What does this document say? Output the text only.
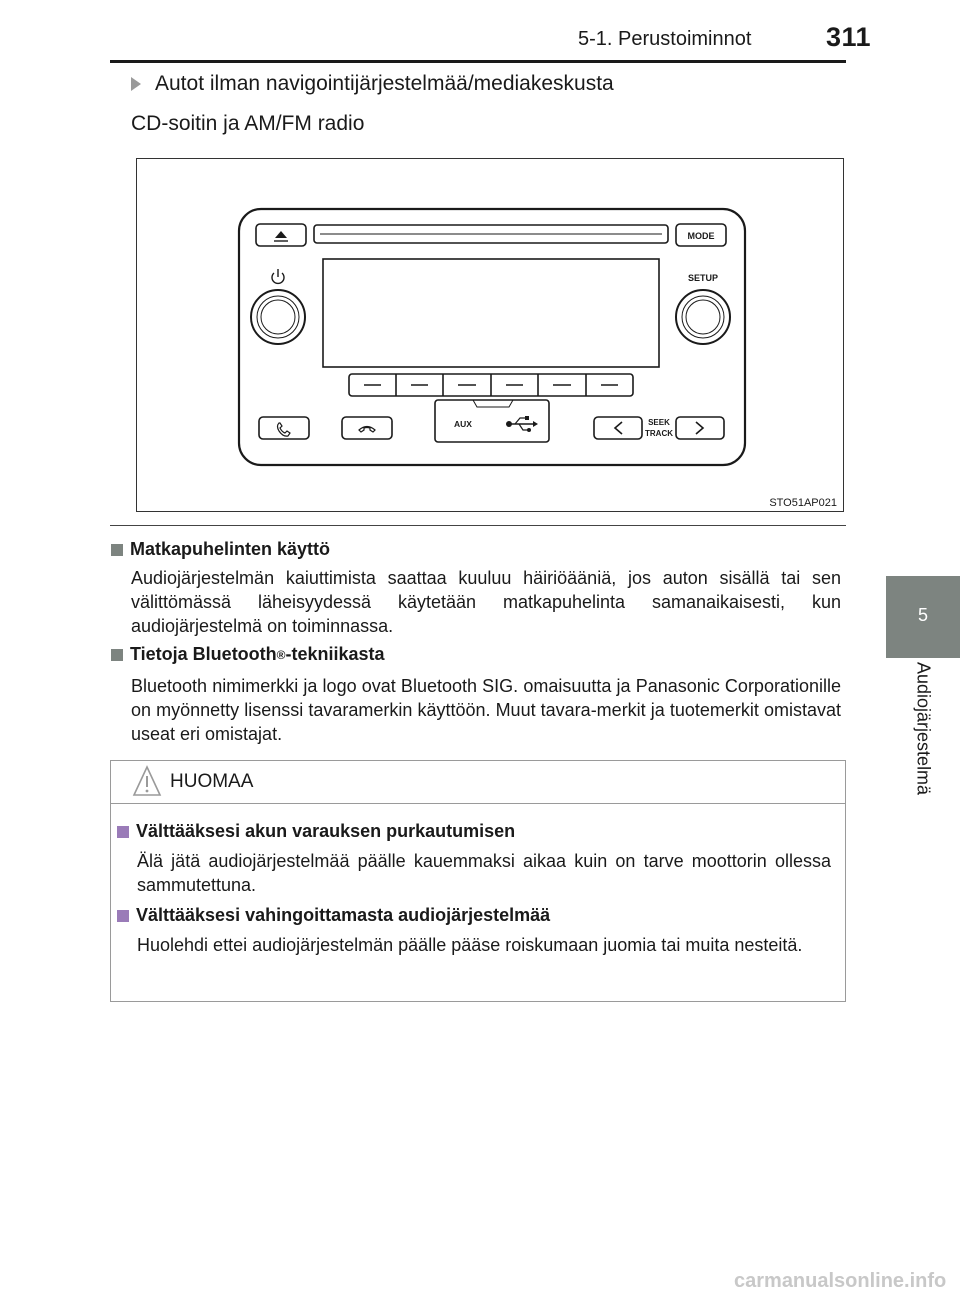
5-1. Perustoiminnot	311
5
Audiojärjestelmä
Autot ilman navigointijärjestelmää/mediakeskusta
CD-soitin ja AM/FM radio
MODE
SETUP
AUX	SEEK
TRACK
STO51AP021
Matkapuhelinten käyttö
Audiojärjestelmän kaiuttimista saattaa kuuluu häiriöääniä, jos auton sisällä tai sen välittömässä läheisyydessä käytetään matkapuhelinta samanaikaisesti, kun audiojärjestelmä on toiminnassa.
Tietoja Bluetooth ® -tekniikasta
Bluetooth nimimerkki ja logo ovat Bluetooth SIG. omaisuutta ja Panasonic Corporationille on myönnetty lisenssi tavaramerkin käyttöön. Muut tavara-merkit ja tuotemerkit omistavat useat eri omistajat.
HUOMAA
Välttääksesi akun varauksen purkautumisen
Älä jätä audiojärjestelmää päälle kauemmaksi aikaa kuin on tarve moottorin ollessa sammutettuna.
Välttääksesi vahingoittamasta audiojärjestelmää
Huolehdi ettei audiojärjestelmän päälle pääse roiskumaan juomia tai muita nesteitä.
carmanualsonline.info
